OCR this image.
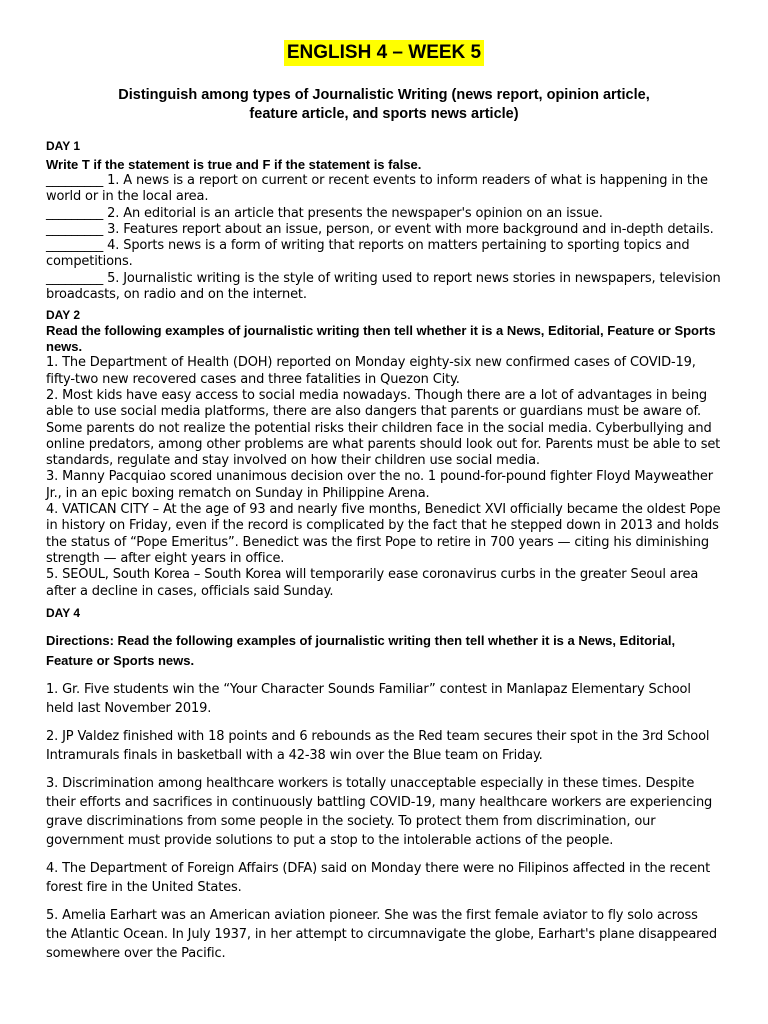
ENGLISH 4 – WEEK 5
Distinguish among types of Journalistic Writing (news report, opinion article,
feature article, and sports news article)
DAY 1
Write T if the statement is true and F if the statement is false.

_________ 1. A news is a report on current or recent events to inform readers of what is happening in the world or in the local area.

_________ 2. An editorial is an article that presents the newspaper's opinion on an issue.

_________ 3. Features report about an issue, person, or event with more background and in-depth details.

_________ 4. Sports news is a form of writing that reports on matters pertaining to sporting topics and competitions.

_________ 5. Journalistic writing is the style of writing used to report news stories in newspapers, television broadcasts, on radio and on the internet.

DAY 2
Read the following examples of journalistic writing then tell whether it is a News, Editorial, Feature or Sports news.

1. The Department of Health (DOH) reported on Monday eighty-six new confirmed cases of COVID-19, fifty-two new recovered cases and three fatalities in Quezon City.

2. Most kids have easy access to social media nowadays. Though there are a lot of advantages in being able to use social media platforms, there are also dangers that parents or guardians must be aware of. Some parents do not realize the potential risks their children face in the social media. Cyberbullying and online predators, among other problems are what parents should look out for. Parents must be able to set standards, regulate and stay involved on how their children use social media.

3. Manny Pacquiao scored unanimous decision over the no. 1 pound-for-pound fighter Floyd Mayweather Jr., in an epic boxing rematch on Sunday in Philippine Arena.

4. VATICAN CITY – At the age of 93 and nearly five months, Benedict XVI officially became the oldest Pope in history on Friday, even if the record is complicated by the fact that he stepped down in 2013 and holds the status of “Pope Emeritus”. Benedict was the first Pope to retire in 700 years — citing his diminishing strength — after eight years in office.

5. SEOUL, South Korea – South Korea will temporarily ease coronavirus curbs in the greater Seoul area after a decline in cases, officials said Sunday.

DAY 4
Directions: Read the following examples of journalistic writing then tell whether it is a News, Editorial, Feature or Sports news.

1. Gr. Five students win the “Your Character Sounds Familiar” contest in Manlapaz Elementary School held last November 2019.

2. JP Valdez finished with 18 points and 6 rebounds as the Red team secures their spot in the 3rd School Intramurals finals in basketball with a 42-38 win over the Blue team on Friday.

3. Discrimination among healthcare workers is totally unacceptable especially in these times. Despite their efforts and sacrifices in continuously battling COVID-19, many healthcare workers are experiencing grave discriminations from some people in the society. To protect them from discrimination, our government must provide solutions to put a stop to the intolerable actions of the people.

4. The Department of Foreign Affairs (DFA) said on Monday there were no Filipinos affected in the recent forest fire in the United States.

5. Amelia Earhart was an American aviation pioneer. She was the first female aviator to fly solo across the Atlantic Ocean. In July 1937, in her attempt to circumnavigate the globe, Earhart's plane disappeared somewhere over the Pacific.
